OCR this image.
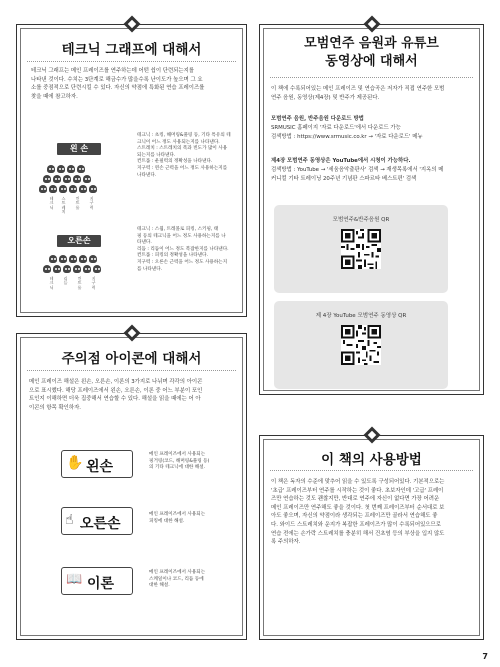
테크닉 그래프에 대해서
테크닉 그래프는 메인 프레이즈를 연주하는데 어떤 쉽이 단련되는지를
나타낸 것이다. 수치는 3단계로 해금수가 많을수록 난이도가 높으며 그 요
소를 중점적으로 단련시킬 수 있다. 자신의 약점에 특화된 연습 프레이즈를
찾을 때에 참고하자.
왼 손
테크닉
스트레치
컨트롤
지구력
테크닉 : 초킹, 해머링&풀링 등, 기타 특유의 테
크닉이 어느 정도 사용되는지를 나타낸다.
스트레치 : 스트레치의 폭과 빈도가 많이 사용
되는지를 나타낸다.
컨트롤 : 운필력의 정확성을 나타낸다.
지구력 : 왼손 근력을 어느 정도 사용하는지를
나타낸다.
오른손
테크닉
리듬
컨트롤
지구력
테크닉 : 스윕, 트레몰로 피킹, 스키핑, 태
핑 등의 테크닉을 어느 정도 사용하는지를 나
타낸다.
리듬 : 리듬이 어느 정도 복잡한지를 나타낸다.
컨트롤 : 피킹의 정확성을 나타낸다.
지구력 : 오른손 근력을 어느 정도 사용하는지
를 나타낸다.
모범연주 음원과 유튜브
동영상에 대해서
이 책에 수록되어있는 메인 프레이즈 및 연습곡은 저자가 직접 연주한 모범
연주 음원, 동영상(제4장) 및 반주가 제공된다.
모범연주 음원, 반주음원 다운로드 방법
SRMUSIC 홈페이지 '자료 다운로드'에서 다운로드 가능
검색방법 : https://www.srmusic.co.kr → '자료 다운로드' 메뉴
제4장 모범연주 동영상은 YouTube에서 시청이 가능하다.
검색방법 : YouTube → '세움음악출판사' 검색 → 재생목록에서 '지옥의 메
커니컬 기타 트레이닝 20주년 기념판 스파르타 베스트편' 검색
모범연주&반주음원 QR
제 4장 YouTube 모범연주 동영상 QR
주의점 아이콘에 대해서
메인 프레이즈 해설은 왼손, 오른손, 이론의 3가지로 나뉘며 각각의 아이콘
으로 표시했다. 해당 프레이즈에서 왼손, 오른손, 이론 중 어느 부분이 포인
트인지 이해하면 더욱 집중해서 연습할 수 있다. 해설을 읽을 때에는 어 아
이콘의 항목 확인하자.
✋ 왼손
메인 프레이즈에서 사용되는
핑거링(코드, 해머링&풀링 등)
의 기타 테크닉에 대한 해설.
☝ 오른손
메인 프레이즈에서 사용되는
피킹에 대한 해설.
📖 이론
메인 프레이즈에서 사용되는
스케일이나 코드, 리듬 등에
대한 해설.
이 책의 사용방법
이 책은 독자의 수준에 맞추어 읽을 수 있도록 구성되어있다. 기본적으로는
'초급' 프레이즈부터 연주를 시작하는 것이 좋다. 초보자인데 '고급' 프레이
즈만 연습하는 것도 괜찮지만, 반대로 연주에 자신이 없다면 가장 어려운
메인 프레이즈만 연주해도 좋을 것이다. 첫 번째 프레이즈부터 순서대로 보
아도 좋으며, 자신의 약점이라 생각되는 프레이즈만 골라서 연습해도 좋
다. 와이드 스트레치와 운지가 복잡한 프레이즈가 많이 수록되어있으므로
연습 전에는 손가락 스트레치를 충분히 해서 건초염 등의 부상을 입지 않도
록 주의하자.
7
